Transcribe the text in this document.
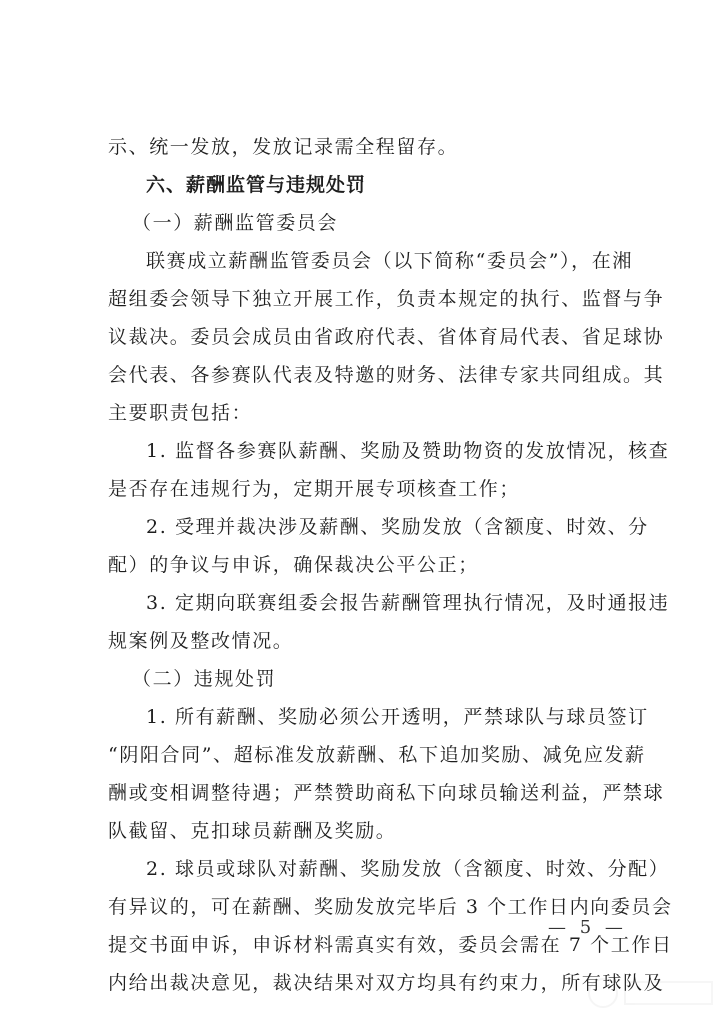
示、统一发放，发放记录需全程留存。
六、薪酬监管与违规处罚
（一）薪酬监管委员会
联赛成立薪酬监管委员会（以下简称“委员会”），在湘
超组委会领导下独立开展工作，负责本规定的执行、监督与争
议裁决。委员会成员由省政府代表、省体育局代表、省足球协
会代表、各参赛队代表及特邀的财务、法律专家共同组成。其
主要职责包括：
1. 监督各参赛队薪酬、奖励及赞助物资的发放情况，核查
是否存在违规行为，定期开展专项核查工作；
2. 受理并裁决涉及薪酬、奖励发放（含额度、时效、分
配）的争议与申诉，确保裁决公平公正；
3. 定期向联赛组委会报告薪酬管理执行情况，及时通报违
规案例及整改情况。
（二）违规处罚
1. 所有薪酬、奖励必须公开透明，严禁球队与球员签订
“阴阳合同”、超标准发放薪酬、私下追加奖励、减免应发薪
酬或变相调整待遇；严禁赞助商私下向球员输送利益，严禁球
队截留、克扣球员薪酬及奖励。
2. 球员或球队对薪酬、奖励发放（含额度、时效、分配）
有异议的，可在薪酬、奖励发放完毕后 3 个工作日内向委员会
提交书面申诉，申诉材料需真实有效，委员会需在 7 个工作日
内给出裁决意见，裁决结果对双方均具有约束力，所有球队及
— 5 —
